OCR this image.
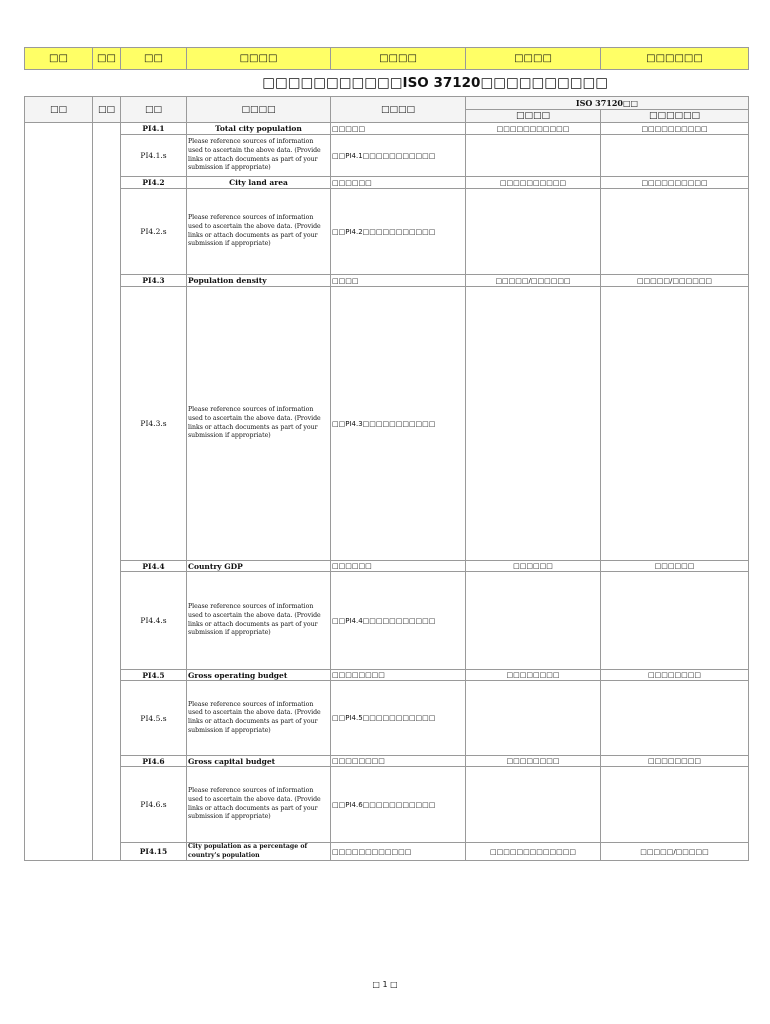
□□	□□	□□	□□□□	□□□□	□□□□	□□□□□□
□□□□□□□□□□□ISO 37120□□□□□□□□□□
□□	□□	□□	□□□□	□□□□	ISO 37120□□	
					□□□□	□□□□□□
		PI4.1	Total city population	□□□□□	□□□□□□□□□□□	□□□□□□□□□□
		PI4.1.s	Please reference sources of information used to ascertain the above data. (Provide links or attach documents as part of your submission if appropriate)	□□PI4.1□□□□□□□□□□□		
		PI4.2	City land area	□□□□□□	□□□□□□□□□□	□□□□□□□□□□
		PI4.2.s	Please reference sources of information used to ascertain the above data. (Provide links or attach documents as part of your submission if appropriate)	□□PI4.2□□□□□□□□□□□		
		PI4.3	Population density	□□□□	□□□□□/□□□□□□	□□□□□/□□□□□□
		PI4.3.s	Please reference sources of information used to ascertain the above data. (Provide links or attach documents as part of your submission if appropriate)	□□PI4.3□□□□□□□□□□□		
		PI4.4	Country GDP	□□□□□□	□□□□□□	□□□□□□
		PI4.4.s	Please reference sources of information used to ascertain the above data. (Provide links or attach documents as part of your submission if appropriate)	□□PI4.4□□□□□□□□□□□		
		PI4.5	Gross operating budget	□□□□□□□□	□□□□□□□□	□□□□□□□□
		PI4.5.s	Please reference sources of information used to ascertain the above data. (Provide links or attach documents as part of your submission if appropriate)	□□PI4.5□□□□□□□□□□□		
		PI4.6	Gross capital budget	□□□□□□□□	□□□□□□□□	□□□□□□□□
		PI4.6.s	Please reference sources of information used to ascertain the above data. (Provide links or attach documents as part of your submission if appropriate)	□□PI4.6□□□□□□□□□□□		
		PI4.15	City population as a percentage of country's population	□□□□□□□□□□□□	□□□□□□□□□□□□□	□□□□□/□□□□□
□ 1 □
